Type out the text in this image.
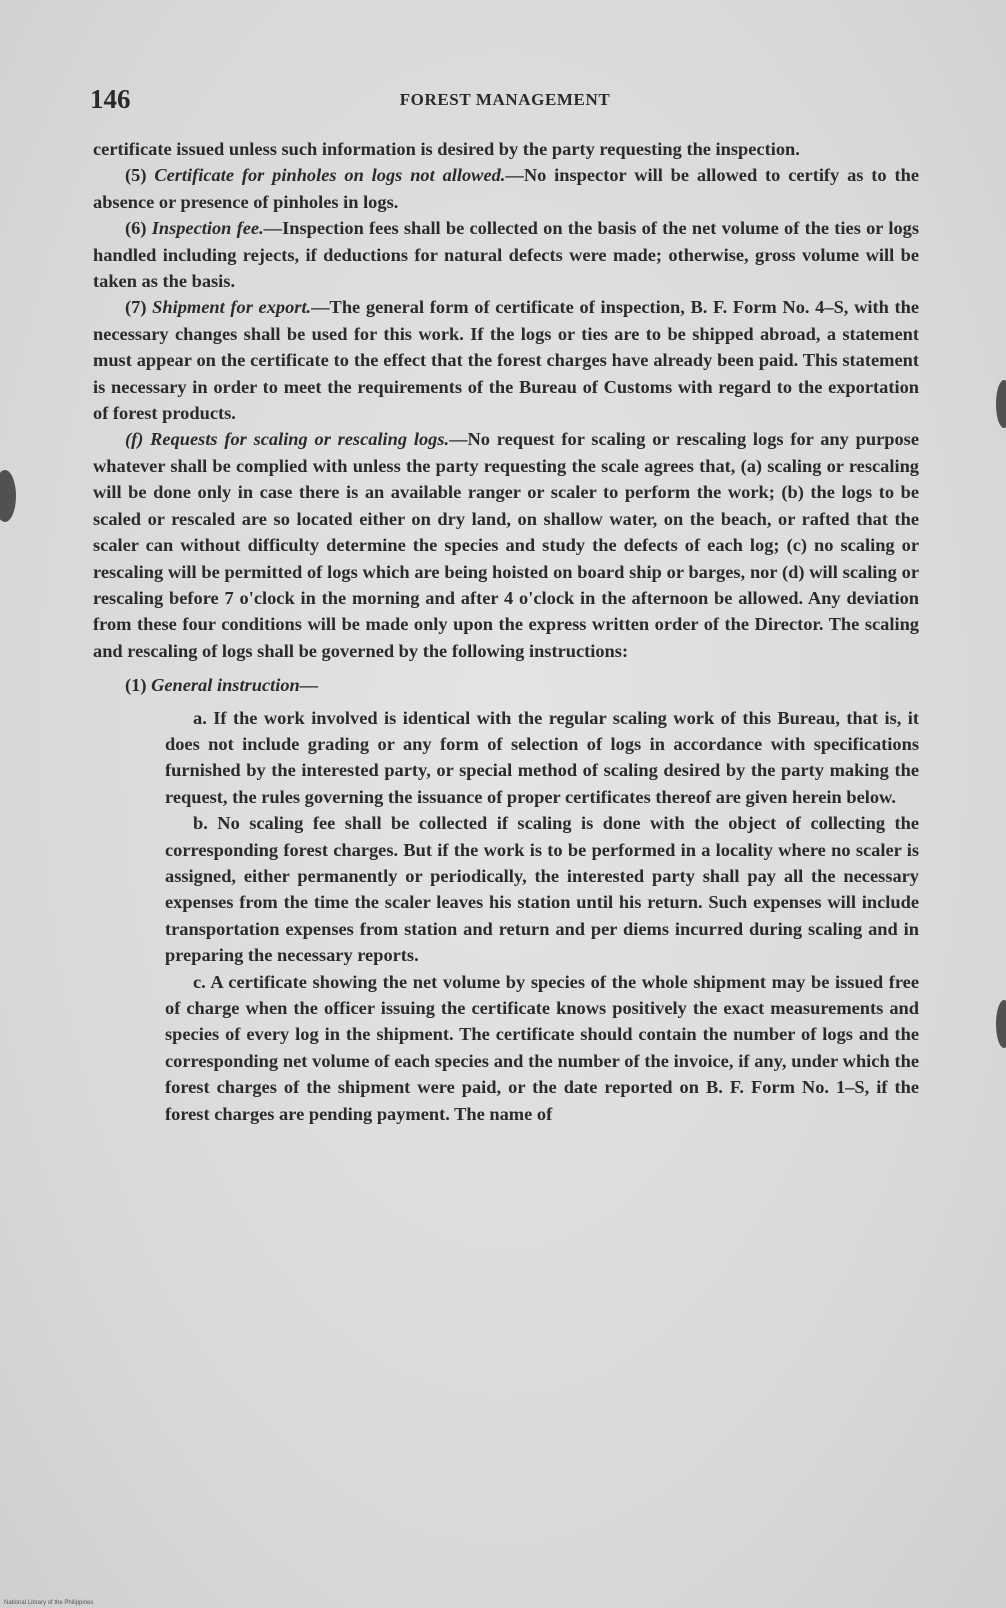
146	FOREST MANAGEMENT

certificate issued unless such information is desired by the party requesting the inspection.

(5) Certificate for pinholes on logs not allowed.—No inspector will be allowed to certify as to the absence or presence of pinholes in logs.

(6) Inspection fee.—Inspection fees shall be collected on the basis of the net volume of the ties or logs handled including rejects, if deductions for natural defects were made; otherwise, gross volume will be taken as the basis.

(7) Shipment for export.—The general form of certificate of inspection, B. F. Form No. 4–S, with the necessary changes shall be used for this work. If the logs or ties are to be shipped abroad, a statement must appear on the certificate to the effect that the forest charges have already been paid. This statement is necessary in order to meet the requirements of the Bureau of Customs with regard to the exportation of forest products.

(f) Requests for scaling or rescaling logs.—No request for scaling or rescaling logs for any purpose whatever shall be complied with unless the party requesting the scale agrees that, (a) scaling or rescaling will be done only in case there is an available ranger or scaler to perform the work; (b) the logs to be scaled or rescaled are so located either on dry land, on shallow water, on the beach, or rafted that the scaler can without difficulty determine the species and study the defects of each log; (c) no scaling or rescaling will be permitted of logs which are being hoisted on board ship or barges, nor (d) will scaling or rescaling before 7 o'clock in the morning and after 4 o'clock in the afternoon be allowed. Any deviation from these four conditions will be made only upon the express written order of the Director. The scaling and rescaling of logs shall be governed by the following instructions:

(1) General instruction—

a. If the work involved is identical with the regular scaling work of this Bureau, that is, it does not include grading or any form of selection of logs in accordance with specifications furnished by the interested party, or special method of scaling desired by the party making the request, the rules governing the issuance of proper certificates thereof are given herein below.

b. No scaling fee shall be collected if scaling is done with the object of collecting the corresponding forest charges. But if the work is to be performed in a locality where no scaler is assigned, either permanently or periodically, the interested party shall pay all the necessary expenses from the time the scaler leaves his station until his return. Such expenses will include transportation expenses from station and return and per diems incurred during scaling and in preparing the necessary reports.

c. A certificate showing the net volume by species of the whole shipment may be issued free of charge when the officer issuing the certificate knows positively the exact measurements and species of every log in the shipment. The certificate should contain the number of logs and the corresponding net volume of each species and the number of the invoice, if any, under which the forest charges of the shipment were paid, or the date reported on B. F. Form No. 1–S, if the forest charges are pending payment. The name of

National Library of the Philippines
